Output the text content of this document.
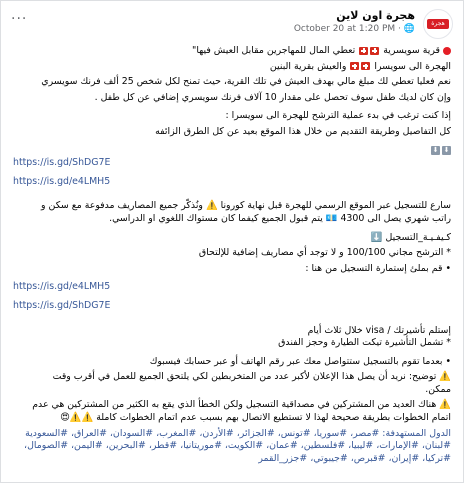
هجرة
هجرة اون لاين
October 20 at 1:20 PM · 🌐
···

قرية سويسرية  تعطي المال للمهاجرين مقابل العيش فيها"

الهجرة الى سويسرا  والعيش بقرية البنين

نعم فعليا تعطي لك مبلغ مالي بهدف العيش في تلك القرية، حيث تمنح لكل شخص 25 ألف فرنك سويسري

وإن كان لديك طفل سوف تحصل على مقدار 10 آلاف فرنك سويسري إضافي عن كل طفل .

إذا كنت ترغب في بدء عملية الترشح للهجرة الى سويسرا :

كل التفاصيل وطريقة التقديم من خلال هذا الموقع بعيد عن كل الطرق الزائفه

⬇⬇

https://is.gd/ShDG7E

https://is.gd/e4LMH5

سارع للتسجيل عبر الموقع الرسمي للهجرة قبل نهاية كورونا ⚠️ ونُذكّر جميع المصاريف مدفوعة مع سكن و

راتب شهري يصل الى 4300 💶 يتم قبول الجميع كيفما كان مستواك اللغوي او الدراسي.

كـيفـيـة_التسجيل ⬇️

* الترشح مجاني 100/100 و لا توجد أي مصاريف إضافية للإلتحاق

• قم بملئ إستمارة التسجيل من هنا :

https://is.gd/e4LMH5

https://is.gd/ShDG7E

إستلم تأشيرتك / visa خلال ثلاث أيام

* تشمل التأشيرة تيكت الطيارة وحجز الفندق

• بعدما تقوم بالتسجيل ستتواصل معك عبر رقم الهاتف أو عبر حسابك فيسبوك

⚠️ توضيح: نريد أن يصل هذا الإعلان لأكبر عدد من المتخربطين لكي يلتحق الجميع للعمل في أقرب وقت

ممكن.

⚠️ هناك العديد من المشتركين في مصداقية التسجيل ولكن الخطأ الذي يقع به الكثير من المشتركين هي عدم

اتمام الخطوات بطريقة صحيحة لهذا لا تستطيع الاتصال بهم بسبب عدم اتمام الخطوات كاملة ⚠️⚠️😍

الدول المستهدفة: #مصر، #سوريا، #تونس، #الجزائر، #الأردن، #المغرب، #السودان، #العراق، #السعودية

#لبنان، #الإمارات، #ليبيا، #فلسطين، #عمان، #الكويت، #موريتانيا، #قطر، #البحرين، #اليمن، #الصومال،

#تركيا، #إيران، #قبرص، #جيبوتي، #جزر_القمر
